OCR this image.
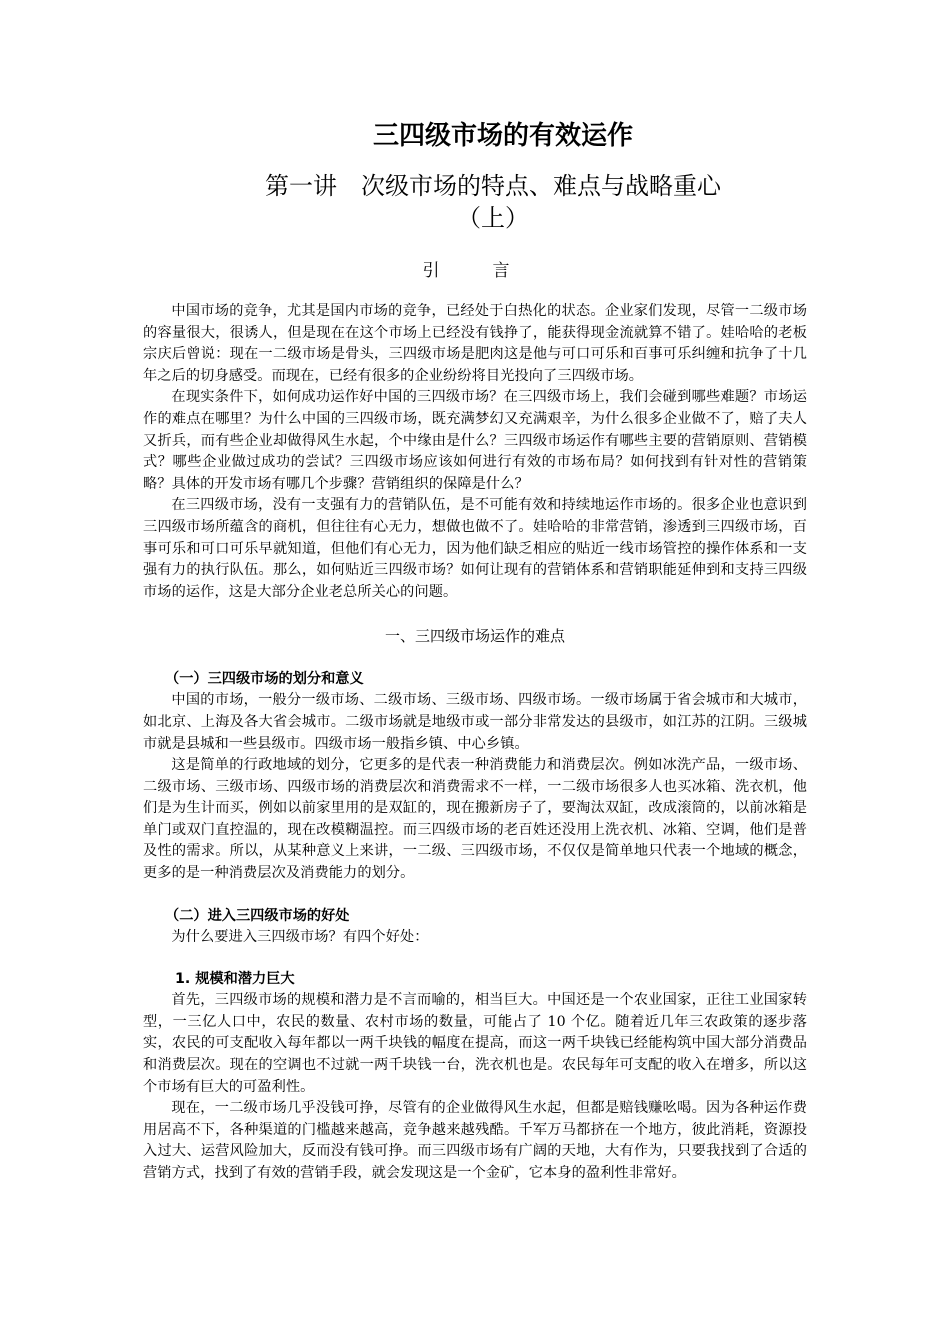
三四级市场的有效运作
第一讲　次级市场的特点、难点与战略重心
（上）
引　言

中国市场的竞争，尤其是国内市场的竞争，已经处于白热化的状态。企业家们发现，尽管一二级市场的容量很大，很诱人，但是现在在这个市场上已经没有钱挣了，能获得现金流就算不错了。娃哈哈的老板宗庆后曾说：现在一二级市场是骨头，三四级市场是肥肉这是他与可口可乐和百事可乐纠缠和抗争了十几年之后的切身感受。而现在，已经有很多的企业纷纷将目光投向了三四级市场。

在现实条件下，如何成功运作好中国的三四级市场？在三四级市场上，我们会碰到哪些难题？市场运作的难点在哪里？为什么中国的三四级市场，既充满梦幻又充满艰辛，为什么很多企业做不了，赔了夫人又折兵，而有些企业却做得风生水起，个中缘由是什么？三四级市场运作有哪些主要的营销原则、营销模式？哪些企业做过成功的尝试？三四级市场应该如何进行有效的市场布局？如何找到有针对性的营销策略？具体的开发市场有哪几个步骤？营销组织的保障是什么？

在三四级市场，没有一支强有力的营销队伍，是不可能有效和持续地运作市场的。很多企业也意识到三四级市场所蕴含的商机，但往往有心无力，想做也做不了。娃哈哈的非常营销，渗透到三四级市场，百事可乐和可口可乐早就知道，但他们有心无力，因为他们缺乏相应的贴近一线市场管控的操作体系和一支强有力的执行队伍。那么，如何贴近三四级市场？如何让现有的营销体系和营销职能延伸到和支持三四级市场的运作，这是大部分企业老总所关心的问题。

一、三四级市场运作的难点
（一）三四级市场的划分和意义

中国的市场，一般分一级市场、二级市场、三级市场、四级市场。一级市场属于省会城市和大城市，如北京、上海及各大省会城市。二级市场就是地级市或一部分非常发达的县级市，如江苏的江阴。三级城市就是县城和一些县级市。四级市场一般指乡镇、中心乡镇。

这是简单的行政地域的划分，它更多的是代表一种消费能力和消费层次。例如冰洗产品，一级市场、二级市场、三级市场、四级市场的消费层次和消费需求不一样，一二级市场很多人也买冰箱、洗衣机，他们是为生计而买，例如以前家里用的是双缸的，现在搬新房子了，要淘汰双缸，改成滚筒的，以前冰箱是单门或双门直控温的，现在改模糊温控。而三四级市场的老百姓还没用上洗衣机、冰箱、空调，他们是普及性的需求。所以，从某种意义上来讲，一二级、三四级市场，不仅仅是简单地只代表一个地域的概念，更多的是一种消费层次及消费能力的划分。

（二）进入三四级市场的好处

为什么要进入三四级市场？有四个好处：

1. 规模和潜力巨大

首先，三四级市场的规模和潜力是不言而喻的，相当巨大。中国还是一个农业国家，正往工业国家转型，一三亿人口中，农民的数量、农村市场的数量，可能占了 10 个亿。随着近几年三农政策的逐步落实，农民的可支配收入每年都以一两千块钱的幅度在提高，而这一两千块钱已经能构筑中国大部分消费品和消费层次。现在的空调也不过就一两千块钱一台，洗衣机也是。农民每年可支配的收入在增多，所以这个市场有巨大的可盈利性。

现在，一二级市场几乎没钱可挣，尽管有的企业做得风生水起，但都是赔钱赚吆喝。因为各种运作费用居高不下，各种渠道的门槛越来越高，竞争越来越残酷。千军万马都挤在一个地方，彼此消耗，资源投入过大、运营风险加大，反而没有钱可挣。而三四级市场有广阔的天地，大有作为，只要我找到了合适的营销方式，找到了有效的营销手段，就会发现这是一个金矿，它本身的盈利性非常好。
